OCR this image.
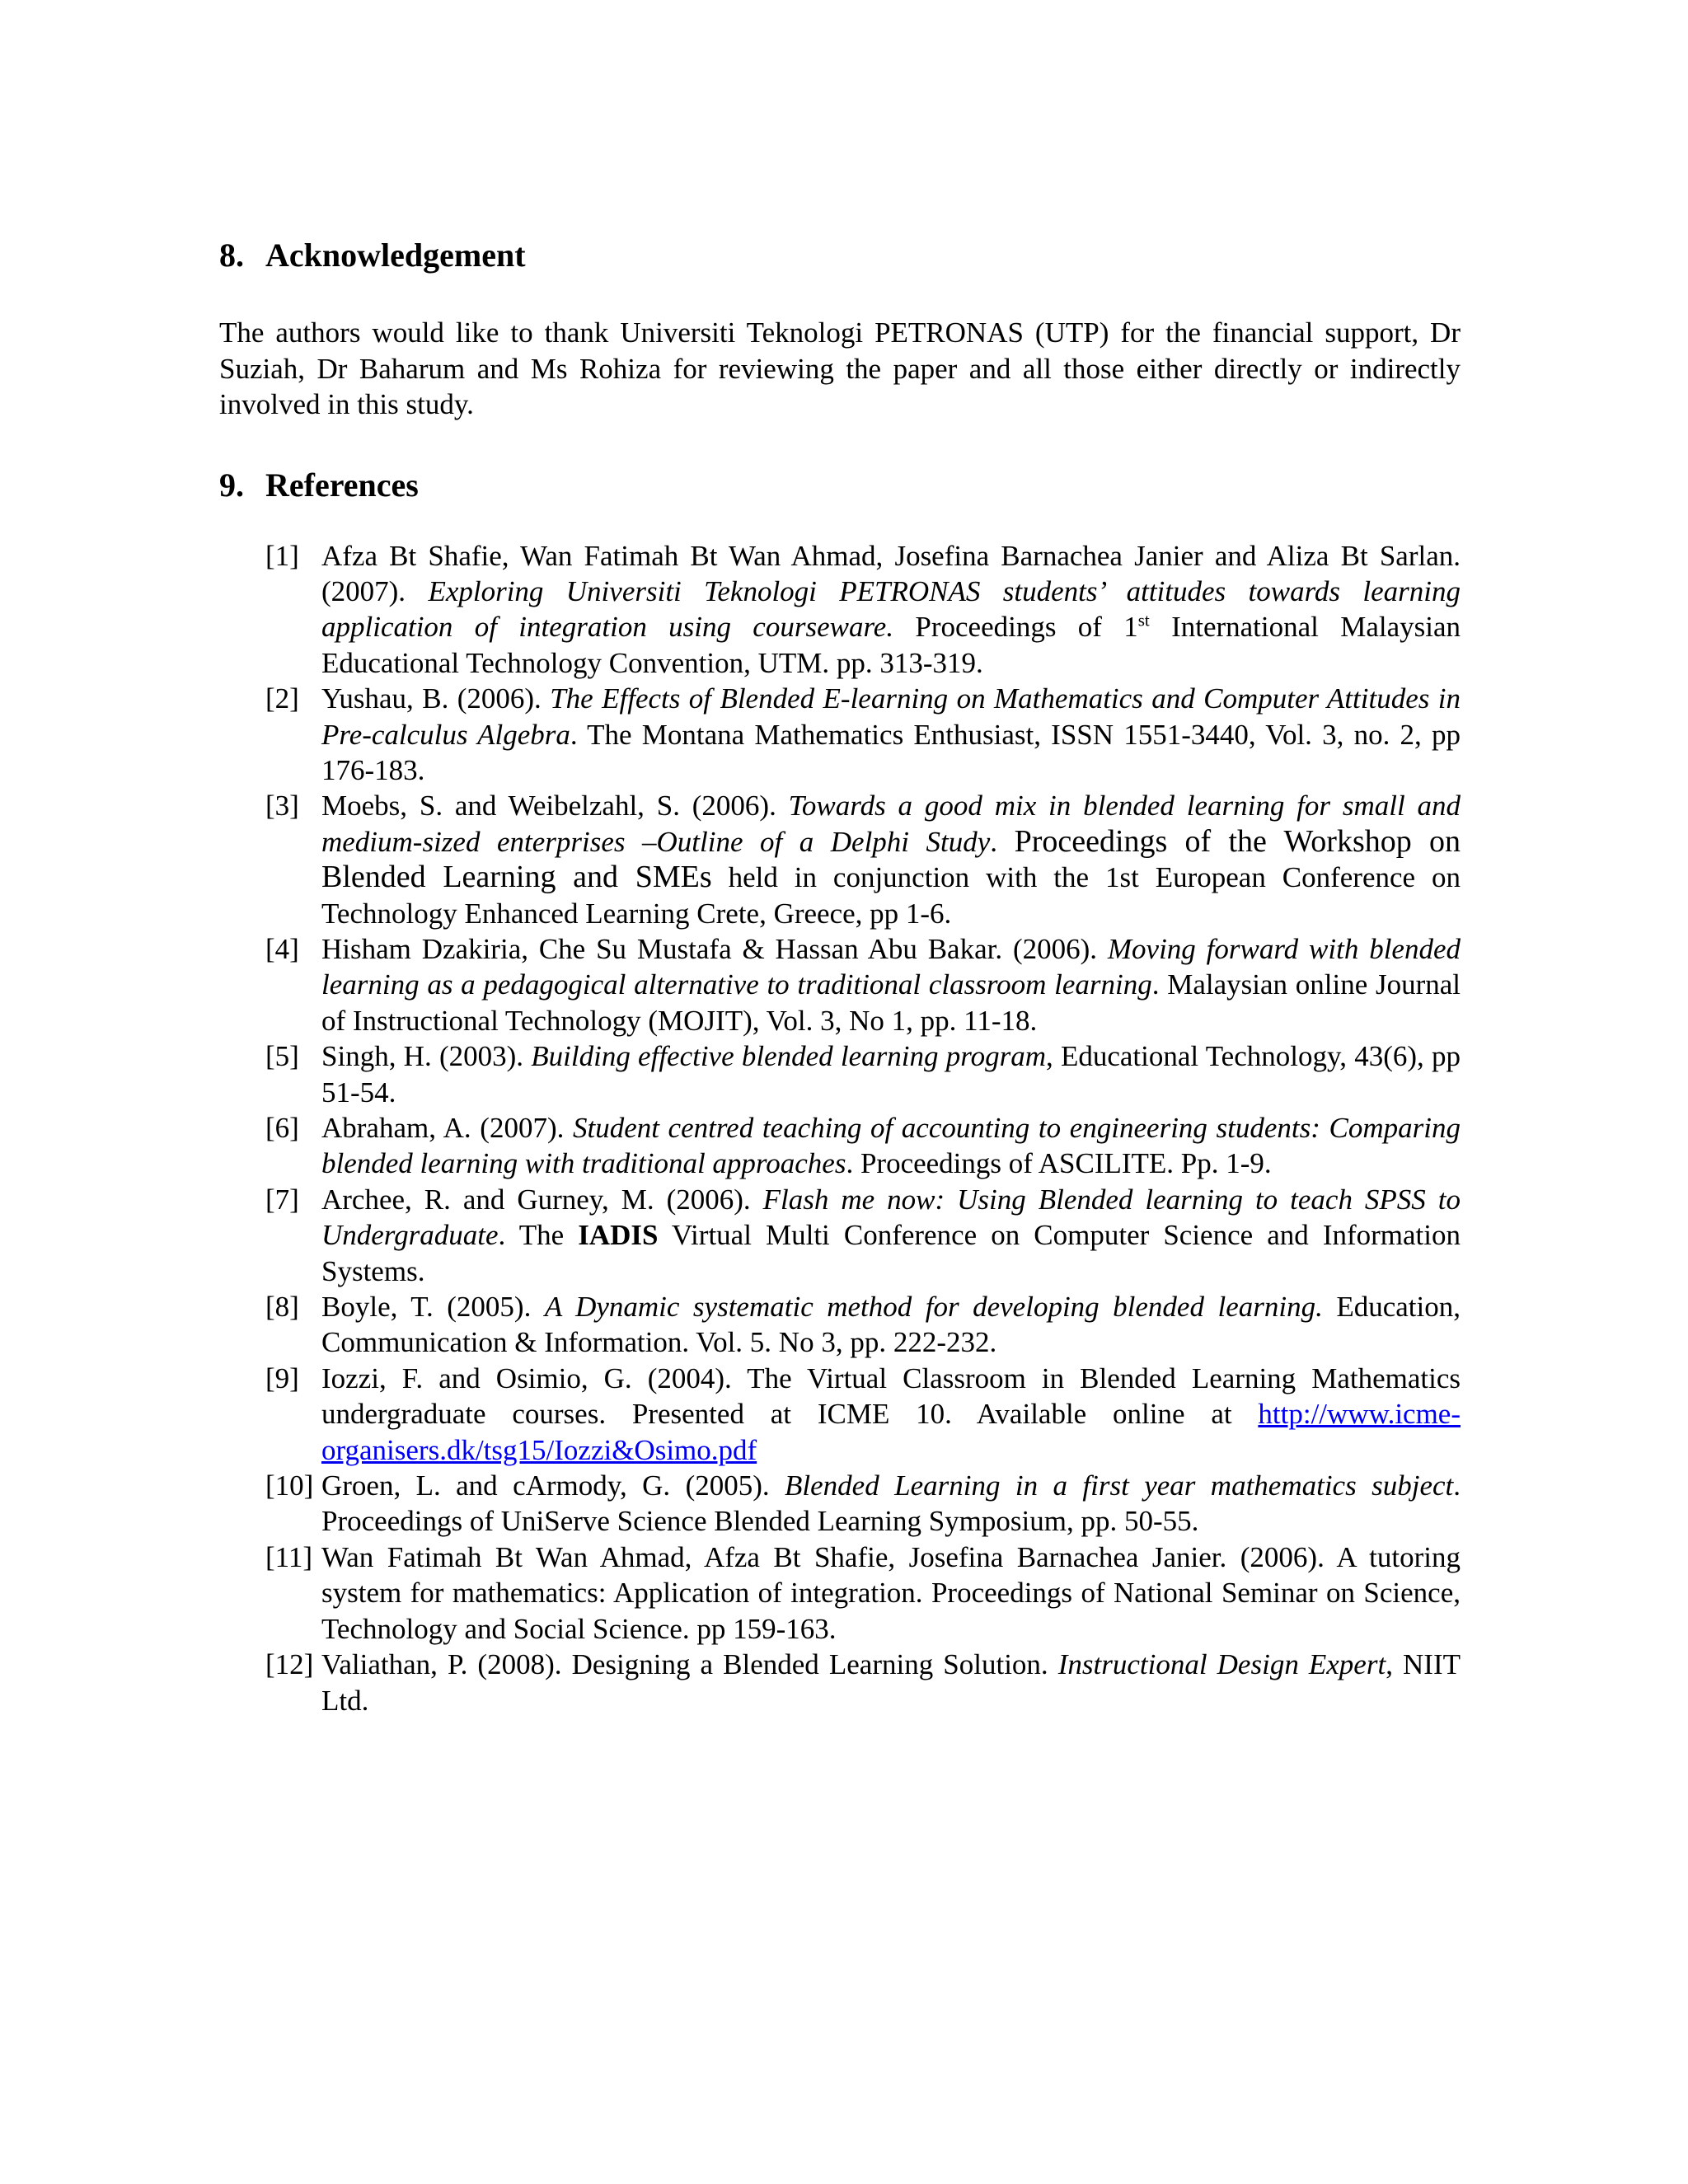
8. Acknowledgement

The authors would like to thank Universiti Teknologi PETRONAS (UTP) for the financial support, Dr Suziah, Dr Baharum and Ms Rohiza for reviewing the paper and all those either directly or indirectly involved in this study.

9. References
[1] Afza Bt Shafie, Wan Fatimah Bt Wan Ahmad, Josefina Barnachea Janier and Aliza Bt Sarlan. (2007). Exploring Universiti Teknologi PETRONAS students’ attitudes towards learning application of integration using courseware. Proceedings of 1st International Malaysian Educational Technology Convention, UTM. pp. 313-319.
[2] Yushau, B. (2006). The Effects of Blended E-learning on Mathematics and Computer Attitudes in Pre-calculus Algebra. The Montana Mathematics Enthusiast, ISSN 1551-3440, Vol. 3, no. 2, pp 176-183.
[3] Moebs, S. and Weibelzahl, S. (2006). Towards a good mix in blended learning for small and medium-sized enterprises –Outline of a Delphi Study. Proceedings of the Workshop on Blended Learning and SMEs held in conjunction with the 1st European Conference on Technology Enhanced Learning Crete, Greece, pp 1-6.
[4] Hisham Dzakiria, Che Su Mustafa & Hassan Abu Bakar. (2006). Moving forward with blended learning as a pedagogical alternative to traditional classroom learning. Malaysian online Journal of Instructional Technology (MOJIT), Vol. 3, No 1, pp. 11-18.
[5] Singh, H. (2003). Building effective blended learning program, Educational Technology, 43(6), pp 51-54.
[6] Abraham, A. (2007). Student centred teaching of accounting to engineering students: Comparing blended learning with traditional approaches. Proceedings of ASCILITE. Pp. 1-9.
[7] Archee, R. and Gurney, M. (2006). Flash me now: Using Blended learning to teach SPSS to Undergraduate. The IADIS Virtual Multi Conference on Computer Science and Information Systems.
[8] Boyle, T. (2005). A Dynamic systematic method for developing blended learning. Education, Communication & Information. Vol. 5. No 3, pp. 222-232.
[9] Iozzi, F. and Osimio, G. (2004). The Virtual Classroom in Blended Learning Mathematics undergraduate courses. Presented at ICME 10. Available online at http://www.icme-organisers.dk/tsg15/Iozzi&Osimo.pdf
[10] Groen, L. and cArmody, G. (2005). Blended Learning in a first year mathematics subject. Proceedings of UniServe Science Blended Learning Symposium, pp. 50-55.
[11] Wan Fatimah Bt Wan Ahmad, Afza Bt Shafie, Josefina Barnachea Janier. (2006). A tutoring system for mathematics: Application of integration. Proceedings of National Seminar on Science, Technology and Social Science. pp 159-163.
[12] Valiathan, P. (2008). Designing a Blended Learning Solution. Instructional Design Expert, NIIT Ltd.
